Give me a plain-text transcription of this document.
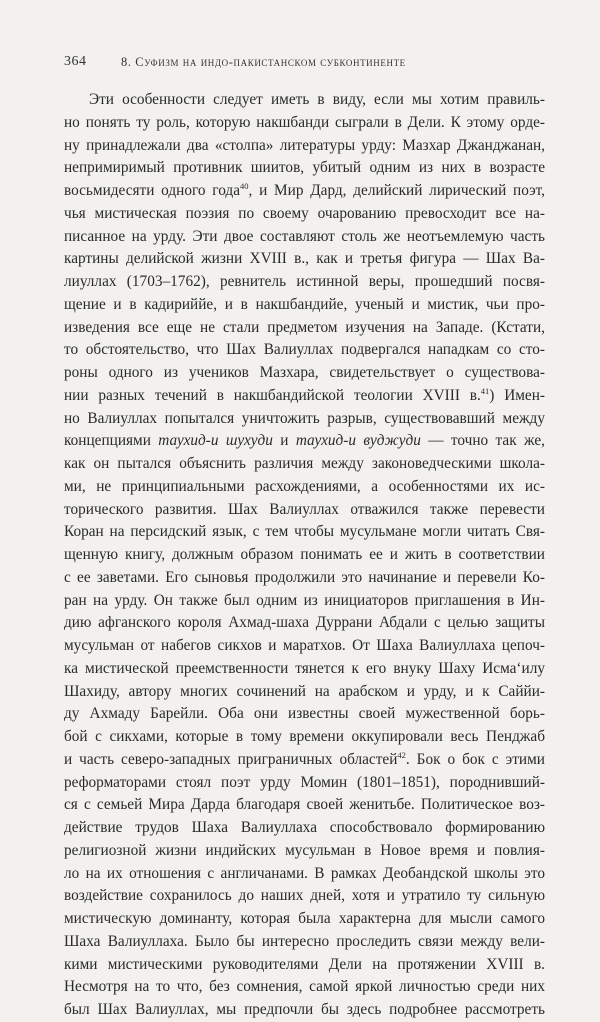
364	8. Суфизм на индо-пакистанском субконтиненте
Эти особенности следует иметь в виду, если мы хотим правиль-
но понять ту роль, которую накшбанди сыграли в Дели. К этому орде-
ну принадлежали два «столпа» литературы урду: Мазхар Джанджанан,
непримиримый противник шиитов, убитый одним из них в возрасте
восьмидесяти одного года$^{40}$, и Мир Дард, делийский лирический поэт,
чья мистическая поэзия по своему очарованию превосходит все на-
писанное на урду. Эти двое составляют столь же неотъемлемую часть
картины делийской жизни XVIII в., как и третья фигура — Шах Ва-
лиуллах (1703–1762), ревнитель истинной веры, прошедший посвя-
щение и в кадириййе, и в накшбандийе, ученый и мистик, чьи про-
изведения все еще не стали предметом изучения на Западе. (Кстати,
то обстоятельство, что Шах Валиуллах подвергался нападкам со сто-
роны одного из учеников Мазхара, свидетельствует о существова-
нии разных течений в накшбандийской теологии XVIII в.$^{41}$) Имен-
но Валиуллах попытался уничтожить разрыв, существовавший между
концепциями таухид-и шухуди и таухид-и вуджуди — точно так же,
как он пытался объяснить различия между законоведческими школа-
ми, не принципиальными расхождениями, а особенностями их ис-
торического развития. Шах Валиуллах отважился также перевести
Коран на персидский язык, с тем чтобы мусульмане могли читать Свя-
щенную книгу, должным образом понимать ее и жить в соответствии
с ее заветами. Его сыновья продолжили это начинание и перевели Ко-
ран на урду. Он также был одним из инициаторов приглашения в Ин-
дию афганского короля Ахмад-шаха Дуррани Абдали с целью защиты
мусульман от набегов сикхов и маратхов. От Шаха Валиуллаха цепоч-
ка мистической преемственности тянется к его внуку Шаху Исма‘илу
Шахиду, автору многих сочинений на арабском и урду, и к Саййи-
ду Ахмаду Барейли. Оба они известны своей мужественной борь-
бой с сикхами, которые в тому времени оккупировали весь Пенджаб
и часть северо-западных приграничных областей$^{42}$. Бок о бок с этими
реформаторами стоял поэт урду Момин (1801–1851), породнивший-
ся с семьей Мира Дарда благодаря своей женитьбе. Политическое воз-
действие трудов Шаха Валиуллаха способствовало формированию
религиозной жизни индийских мусульман в Новое время и повлия-
ло на их отношения с англичанами. В рамках Деобандской школы это
воздействие сохранилось до наших дней, хотя и утратило ту сильную
мистическую доминанту, которая была характерна для мысли самого
Шаха Валиуллаха. Было бы интересно проследить связи между вели-
кими мистическими руководителями Дели на протяжении XVIII в.
Несмотря на то что, без сомнения, самой яркой личностью среди них
был Шах Валиуллах, мы предпочли бы здесь подробнее рассмотреть
